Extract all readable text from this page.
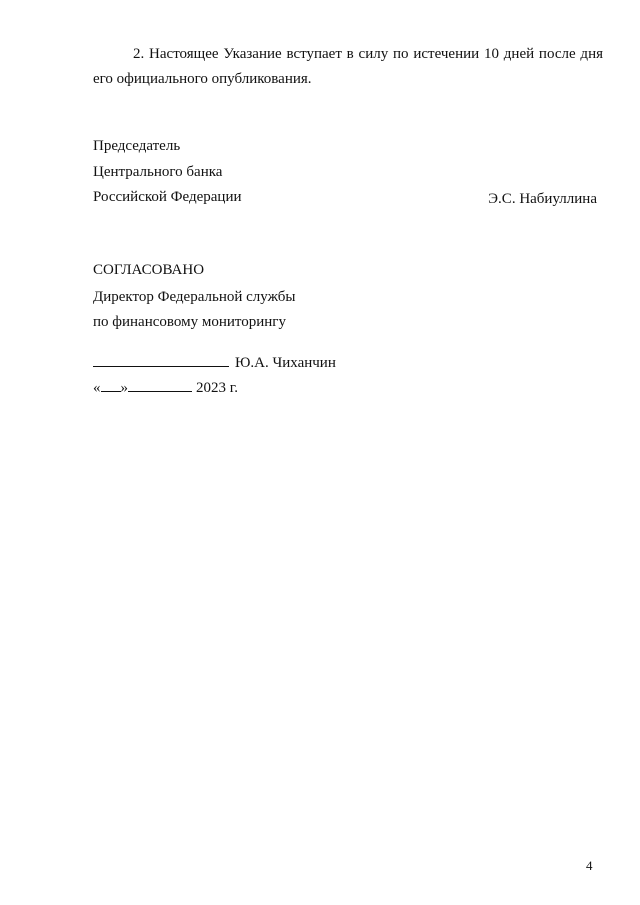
2. Настоящее Указание вступает в силу по истечении 10 дней после дня его официального опубликования.
Председатель
Центрального банка
Российской Федерации	Э.С. Набиуллина
СОГЛАСОВАНО
Директор Федеральной службы
по финансовому мониторингу
Ю.А. Чиханчин
« »	2023 г.
4
